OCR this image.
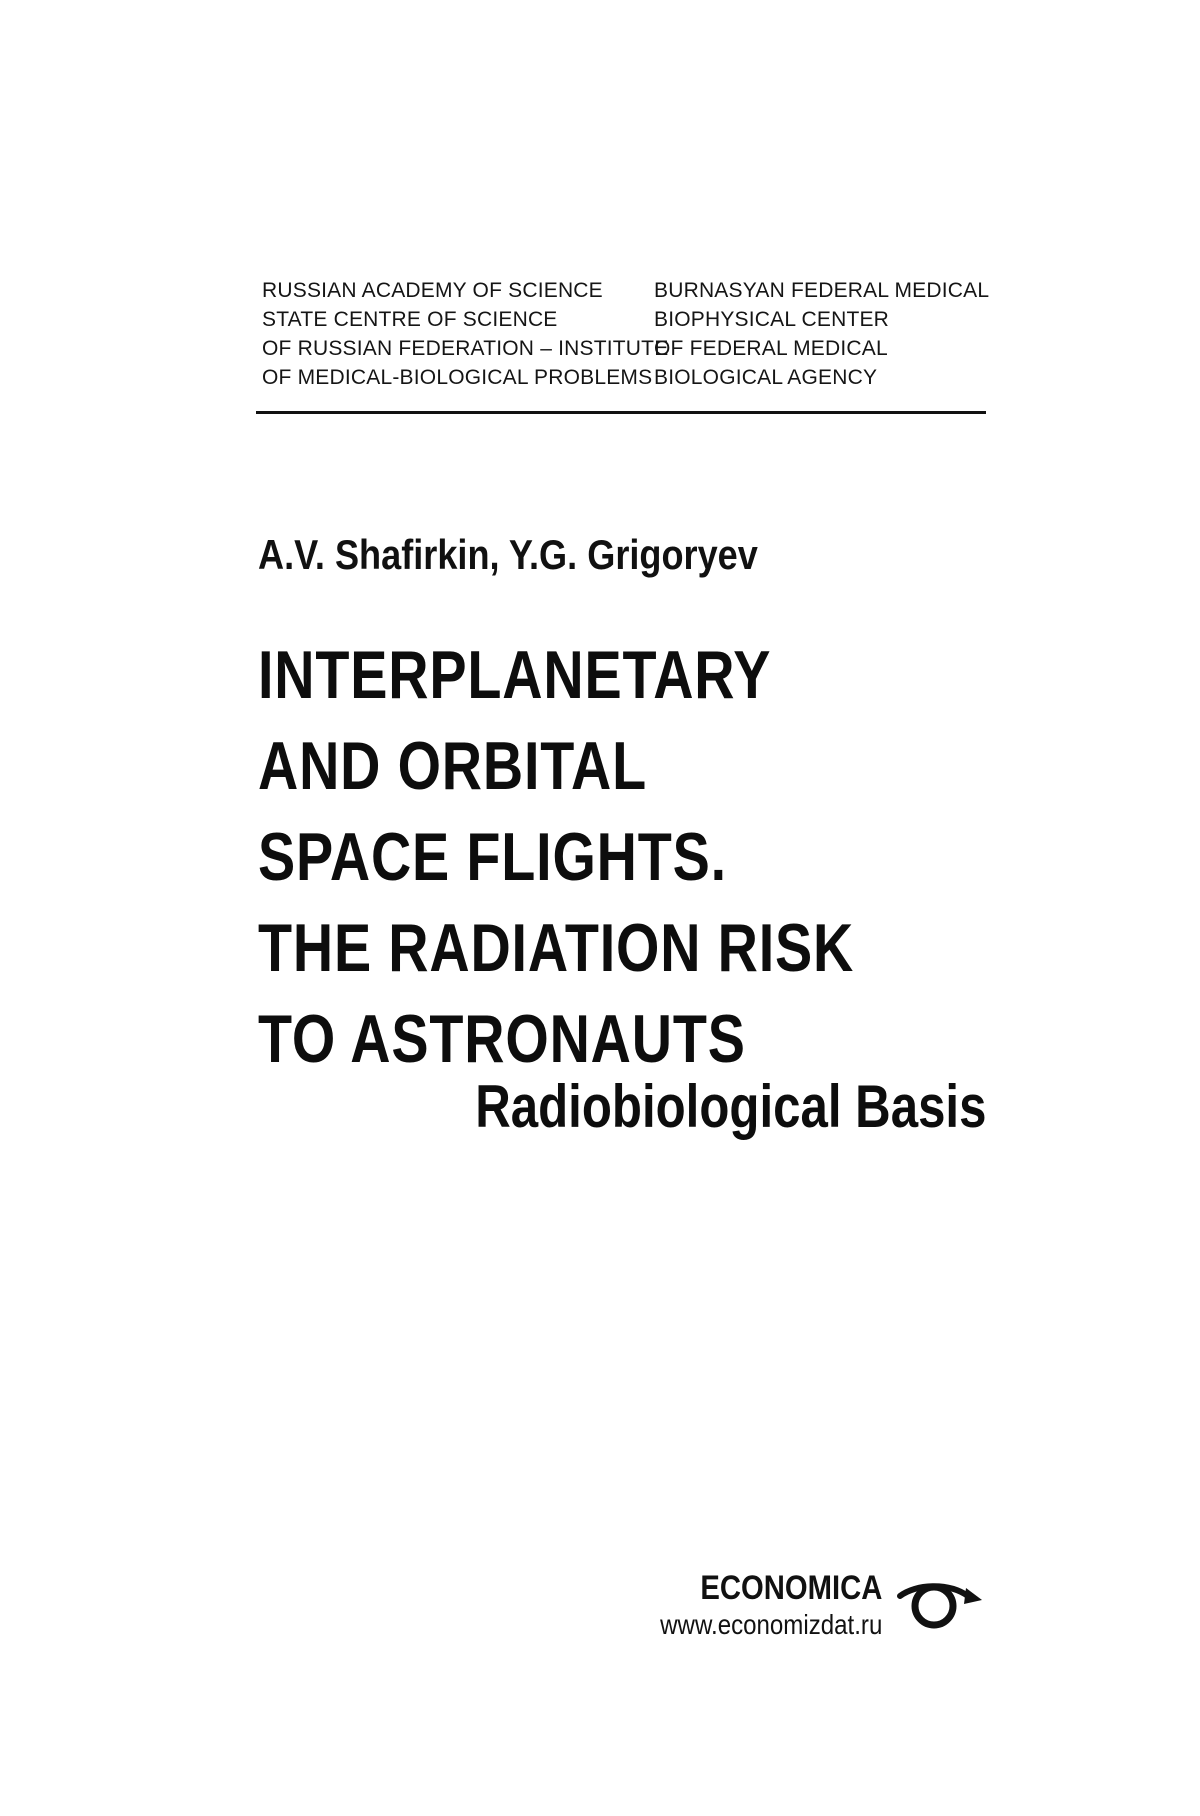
RUSSIAN ACADEMY OF SCIENCE
STATE CENTRE OF SCIENCE
OF RUSSIAN FEDERATION – INSTITUTE
OF MEDICAL-BIOLOGICAL PROBLEMS
BURNASYAN FEDERAL MEDICAL
BIOPHYSICAL CENTER
OF FEDERAL MEDICAL
BIOLOGICAL AGENCY
A.V. Shafirkin, Y.G. Grigoryev
INTERPLANETARY
AND ORBITAL
SPACE FLIGHTS.
THE RADIATION RISK
TO ASTRONAUTS
Radiobiological Basis
ECONOMICA
www.economizdat.ru
